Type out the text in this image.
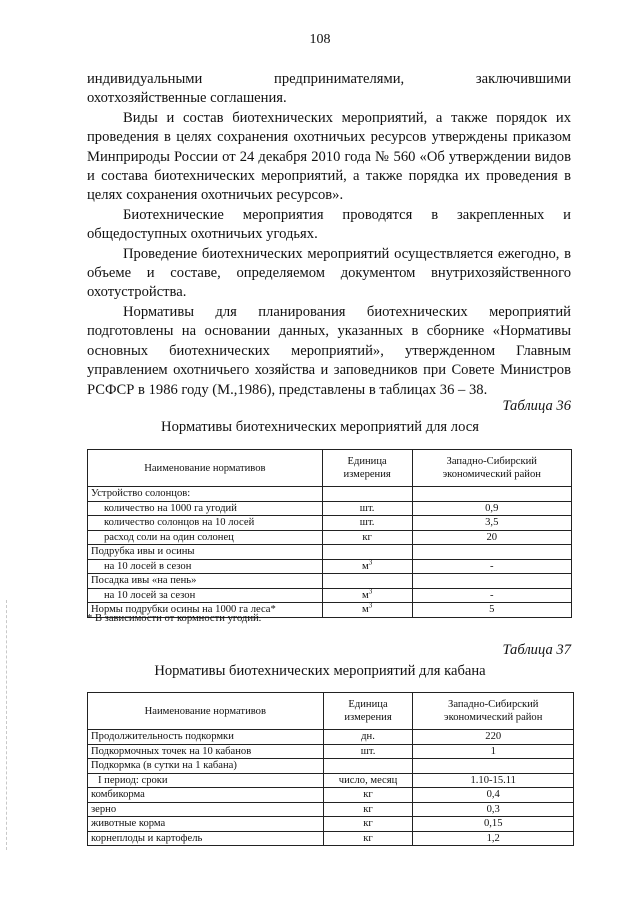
108

индивидуальными предпринимателями, заключившими

охотхозяйственные соглашения.

Виды и состав биотехнических мероприятий, а также порядок их проведения в целях сохранения охотничьих ресурсов утверждены приказом Минприроды России от 24 декабря 2010 года № 560 «Об утверждении видов и состава биотехнических мероприятий, а также порядка их проведения в целях сохранения охотничьих ресурсов».

Биотехнические мероприятия проводятся в закрепленных и общедоступных охотничьих угодьях.

Проведение биотехнических мероприятий осуществляется ежегодно, в объеме и составе, определяемом документом внутрихозяйственного охотустройства.

Нормативы для планирования биотехнических мероприятий подготовлены на основании данных, указанных в сборнике «Нормативы основных биотехнических мероприятий», утвержденном Главным управлением охотничьего хозяйства и заповедников при Совете Министров РСФСР в 1986 году (М.,1986), представлены в таблицах 36 – 38.

Таблица 36
Нормативы биотехнических мероприятий для лося
Наименование нормативов	Единица измерения	Западно-Сибирский экономический район
Устройство солонцов:		
количество на 1000 га угодий	шт.	0,9
количество солонцов на 10 лосей	шт.	3,5
расход соли на один солонец	кг	20
Подрубка ивы и осины		
на 10 лосей в сезон	$м^3$	-
Посадка ивы «на пень»		
на 10 лосей за сезон	$м^3$	-
Нормы подрубки осины на 1000 га леса*	$м^3$	5
* В зависимости от кормности угодий.
Таблица 37
Нормативы биотехнических мероприятий для кабана
Наименование нормативов	Единица измерения	Западно-Сибирский экономический район
Продолжительность подкормки	дн.	220
Подкормочных точек на 10 кабанов	шт.	1
Подкормка (в сутки на 1 кабана)		
I период: сроки	число, месяц	1.10-15.11
комбикорма	кг	0,4
зерно	кг	0,3
животные корма	кг	0,15
корнеплоды и картофель	кг	1,2
